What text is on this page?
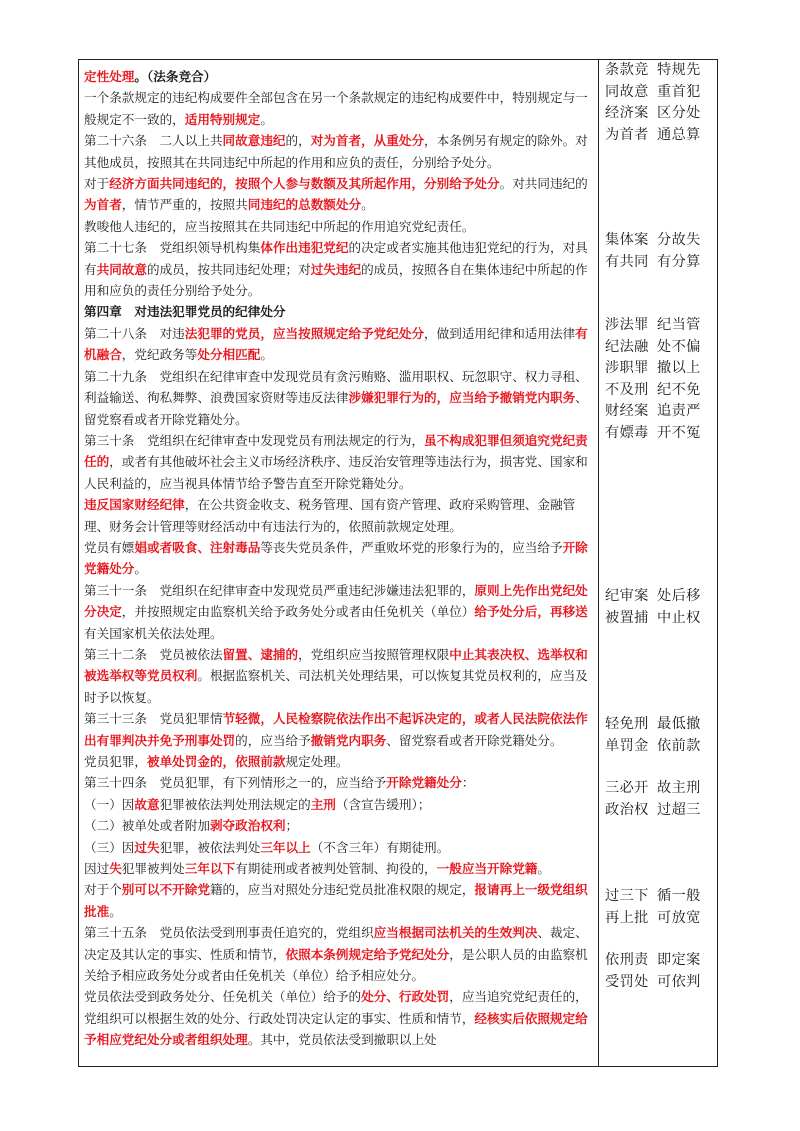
定性处理。（法条竞合）

一个条款规定的违纪构成要件全部包含在另一个条款规定的违纪构成要件中，特别规定与一般规定不一致的，适用特别规定。

第二十六条　二人以上共同故意违纪的，对为首者，从重处分，本条例另有规定的除外。对其他成员，按照其在共同违纪中所起的作用和应负的责任，分别给予处分。

对于经济方面共同违纪的，按照个人参与数额及其所起作用，分别给予处分。对共同违纪的为首者，情节严重的，按照共同违纪的总数额处分。

教唆他人违纪的，应当按照其在共同违纪中所起的作用追究党纪责任。

第二十七条　党组织领导机构集体作出违犯党纪的决定或者实施其他违犯党纪的行为，对具有共同故意的成员，按共同违纪处理；对过失违纪的成员，按照各自在集体违纪中所起的作用和应负的责任分别给予处分。

第四章　对违法犯罪党员的纪律处分

第二十八条　对违法犯罪的党员，应当按照规定给予党纪处分，做到适用纪律和适用法律有机融合，党纪政务等处分相匹配。

第二十九条　党组织在纪律审查中发现党员有贪污贿赂、滥用职权、玩忽职守、权力寻租、利益输送、徇私舞弊、浪费国家资财等违反法律涉嫌犯罪行为的，应当给予撤销党内职务、留党察看或者开除党籍处分。

第三十条　党组织在纪律审查中发现党员有刑法规定的行为，虽不构成犯罪但须追究党纪责任的，或者有其他破坏社会主义市场经济秩序、违反治安管理等违法行为，损害党、国家和人民利益的，应当视具体情节给予警告直至开除党籍处分。

违反国家财经纪律，在公共资金收支、税务管理、国有资产管理、政府采购管理、金融管理、财务会计管理等财经活动中有违法行为的，依照前款规定处理。

党员有嫖娼或者吸食、注射毒品等丧失党员条件，严重败坏党的形象行为的，应当给予开除党籍处分。

第三十一条　党组织在纪律审查中发现党员严重违纪涉嫌违法犯罪的，原则上先作出党纪处分决定，并按照规定由监察机关给予政务处分或者由任免机关（单位）给予处分后，再移送有关国家机关依法处理。

第三十二条　党员被依法留置、逮捕的，党组织应当按照管理权限中止其表决权、选举权和被选举权等党员权利。根据监察机关、司法机关处理结果，可以恢复其党员权利的，应当及时予以恢复。

第三十三条　党员犯罪情节轻微，人民检察院依法作出不起诉决定的，或者人民法院依法作出有罪判决并免予刑事处罚的，应当给予撤销党内职务、留党察看或者开除党籍处分。

党员犯罪，被单处罚金的，依照前款规定处理。

第三十四条　党员犯罪，有下列情形之一的，应当给予开除党籍处分：

（一）因故意犯罪被依法判处刑法规定的主刑（含宣告缓刑）；

（二）被单处或者附加剥夺政治权利；

（三）因过失犯罪，被依法判处三年以上（不含三年）有期徒刑。

因过失犯罪被判处三年以下有期徒刑或者被判处管制、拘役的，一般应当开除党籍。

对于个别可以不开除党籍的，应当对照处分违纪党员批准权限的规定，报请再上一级党组织批准。

第三十五条　党员依法受到刑事责任追究的，党组织应当根据司法机关的生效判决、裁定、决定及其认定的事实、性质和情节，依照本条例规定给予党纪处分，是公职人员的由监察机关给予相应政务处分或者由任免机关（单位）给予相应处分。

党员依法受到政务处分、任免机关（单位）给予的处分、行政处罚，应当追究党纪责任的，党组织可以根据生效的处分、行政处罚决定认定的事实、性质和情节，经核实后依照规定给予相应党纪处分或者组织处理。其中，党员依法受到撤职以上处

条款竞 特规先
同故意 重首犯
经济案 区分处
为首者 通总算
集体案 分故失
有共同 有分算
涉法罪 纪当管
纪法融 处不偏
涉职罪 撤以上
不及刑 纪不免
财经案 追责严
有嫖毒 开不冤
纪审案 处后移
被置捕 中止权
轻免刑 最低撤
单罚金 依前款
三必开 故主刑
政治权 过超三
过三下 循一般
再上批 可放宽
依刑责 即定案
受罚处 可依判
